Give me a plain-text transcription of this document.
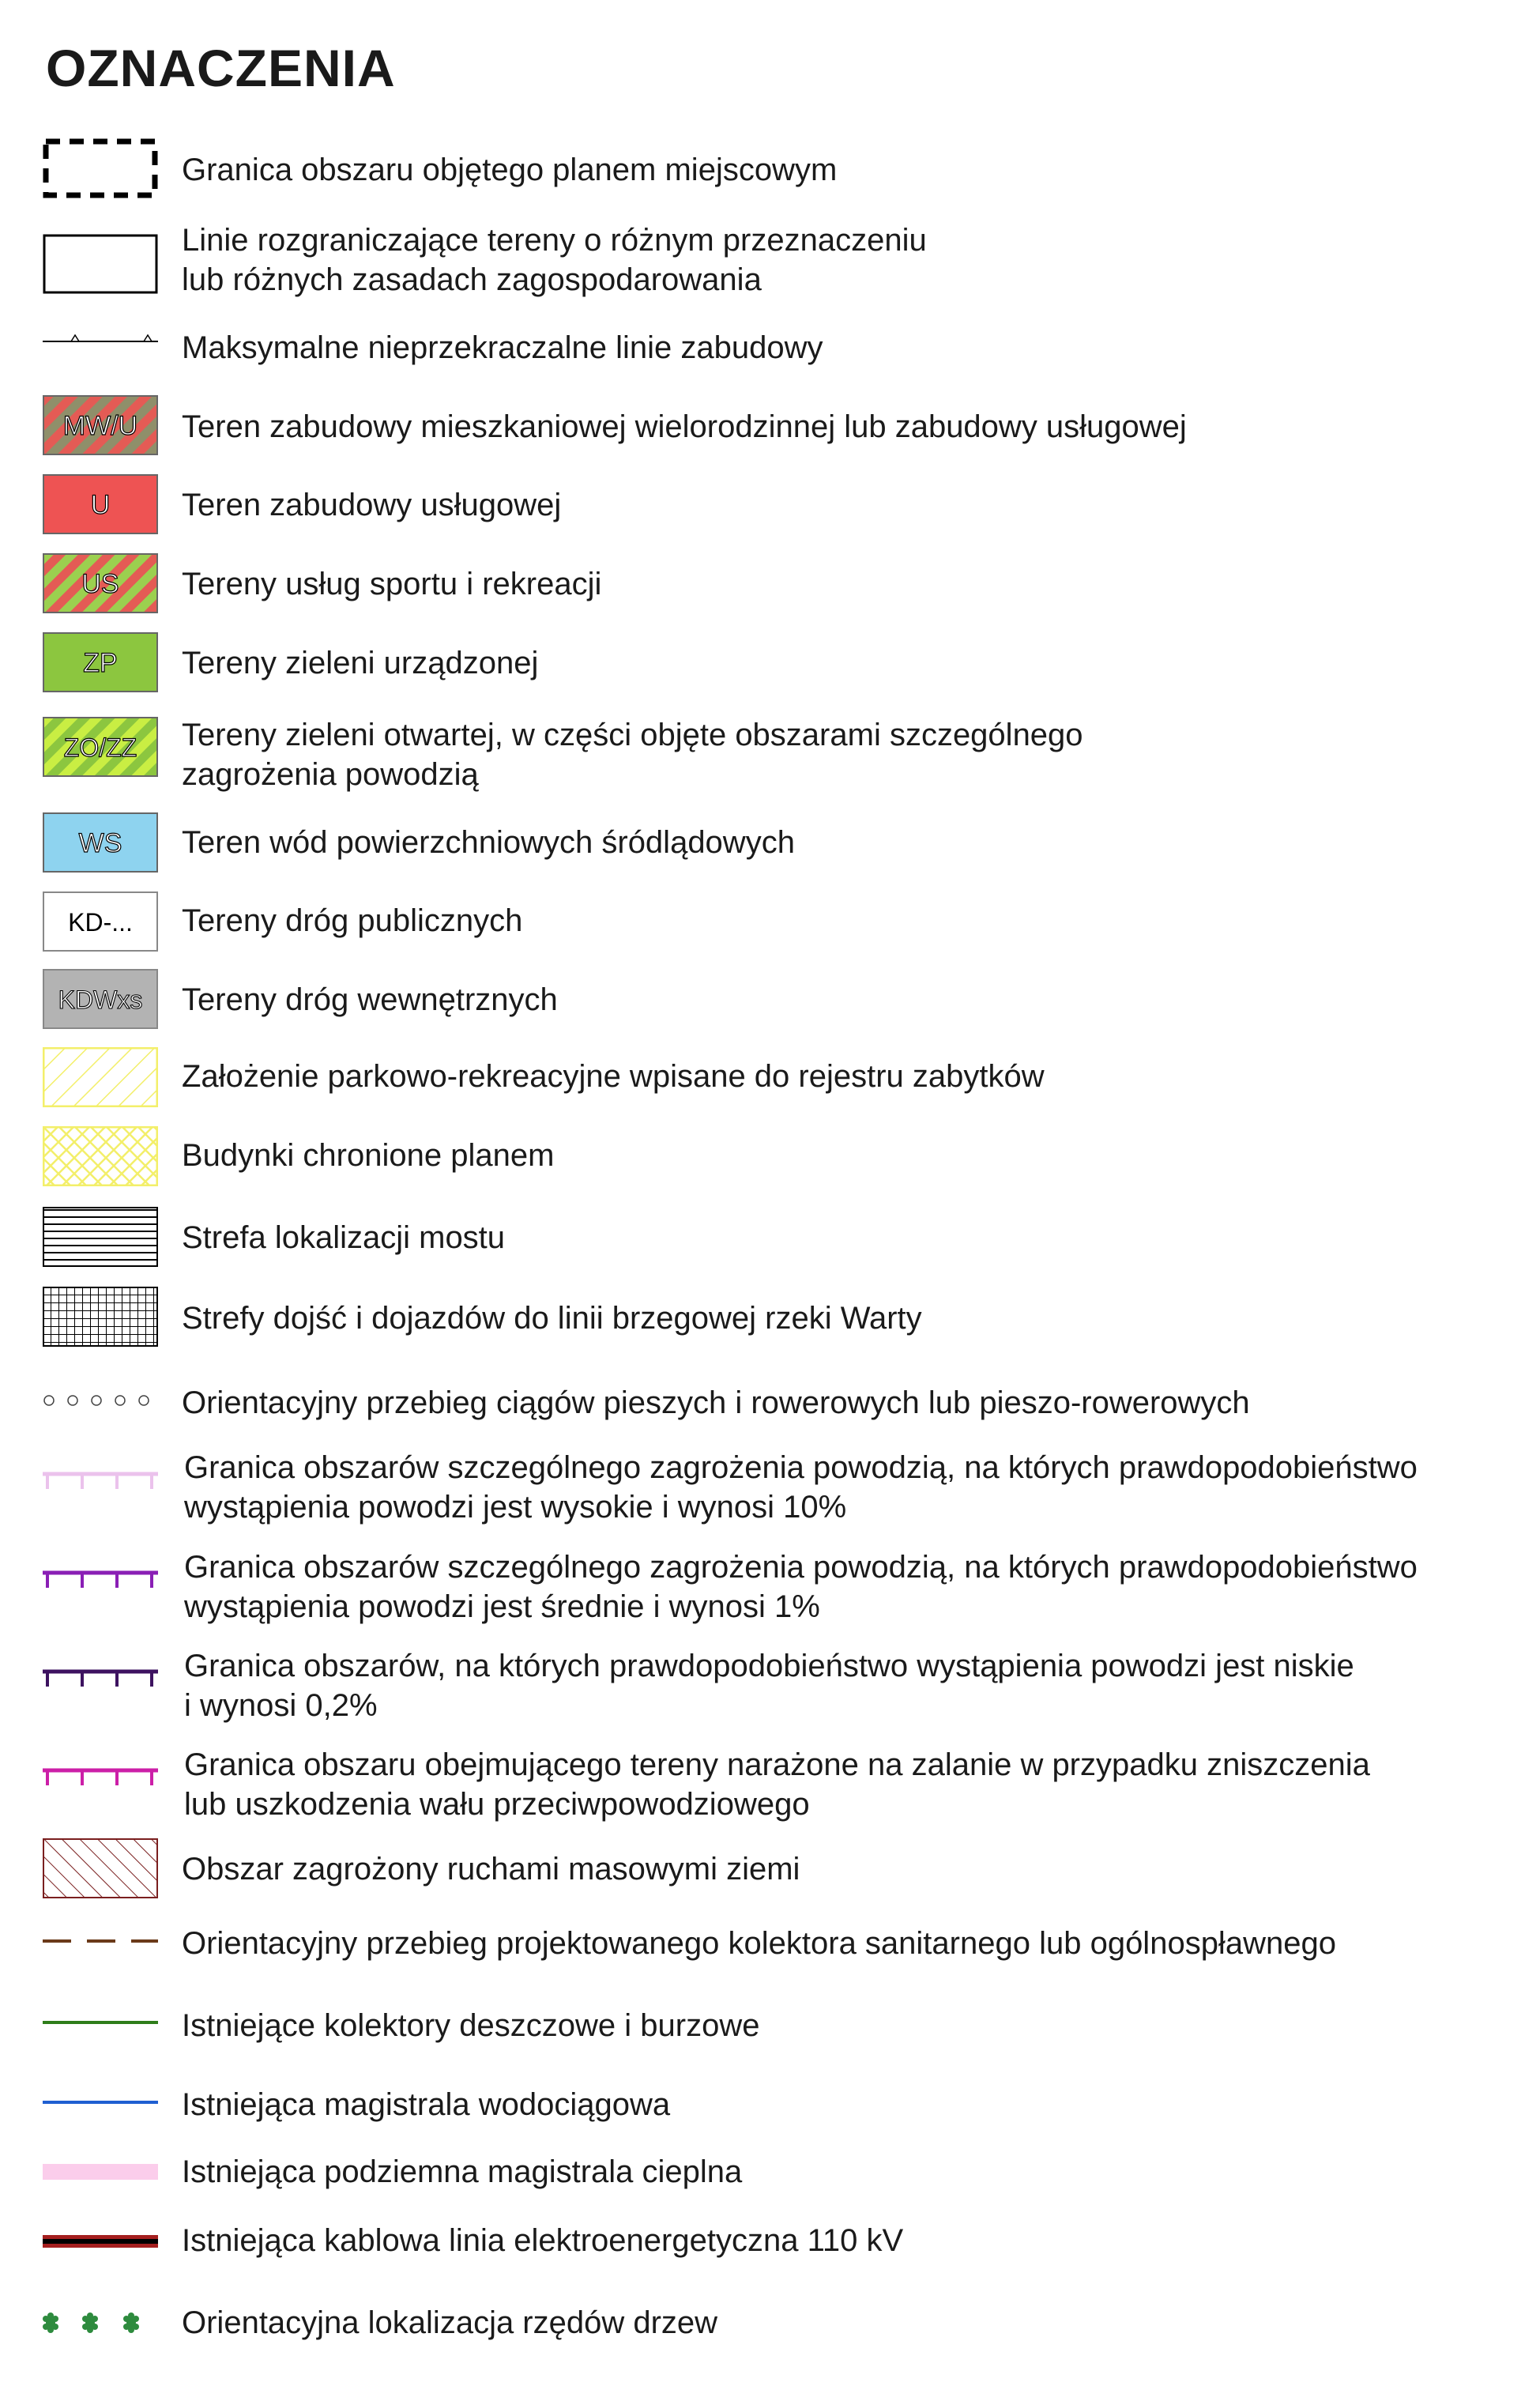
OZNACZENIA
Granica obszaru objętego planem miejscowym
Linie rozgraniczające tereny o różnym przeznaczeniu
lub różnych zasadach zagospodarowania
Maksymalne nieprzekraczalne linie zabudowy
MW/U Teren zabudowy mieszkaniowej wielorodzinnej lub zabudowy usługowej
U Teren zabudowy usługowej
US Tereny usług sportu i rekreacji
ZP Tereny zieleni urządzonej
ZO/ZZ Tereny zieleni otwartej, w części objęte obszarami szczególnego
zagrożenia powodzią
WS Teren wód powierzchniowych śródlądowych
KD-... Tereny dróg publicznych
KDWxs Tereny dróg wewnętrznych
Założenie parkowo-rekreacyjne wpisane do rejestru zabytków
Budynki chronione planem
Strefa lokalizacji mostu
Strefy dojść i dojazdów do linii brzegowej rzeki Warty
Orientacyjny przebieg ciągów pieszych i rowerowych lub pieszo-rowerowych
Granica obszarów szczególnego zagrożenia powodzią, na których prawdopodobieństwo
wystąpienia powodzi jest wysokie i wynosi 10%
Granica obszarów szczególnego zagrożenia powodzią, na których prawdopodobieństwo
wystąpienia powodzi jest średnie i wynosi 1%
Granica obszarów, na których prawdopodobieństwo wystąpienia powodzi jest niskie
i wynosi 0,2%
Granica obszaru obejmującego tereny narażone na zalanie w przypadku zniszczenia
lub uszkodzenia wału przeciwpowodziowego
Obszar zagrożony ruchami masowymi ziemi
Orientacyjny przebieg projektowanego kolektora sanitarnego lub ogólnospławnego
Istniejące kolektory deszczowe i burzowe
Istniejąca magistrala wodociągowa
Istniejąca podziemna magistrala cieplna
Istniejąca kablowa linia elektroenergetyczna 110 kV
Orientacyjna lokalizacja rzędów drzew
